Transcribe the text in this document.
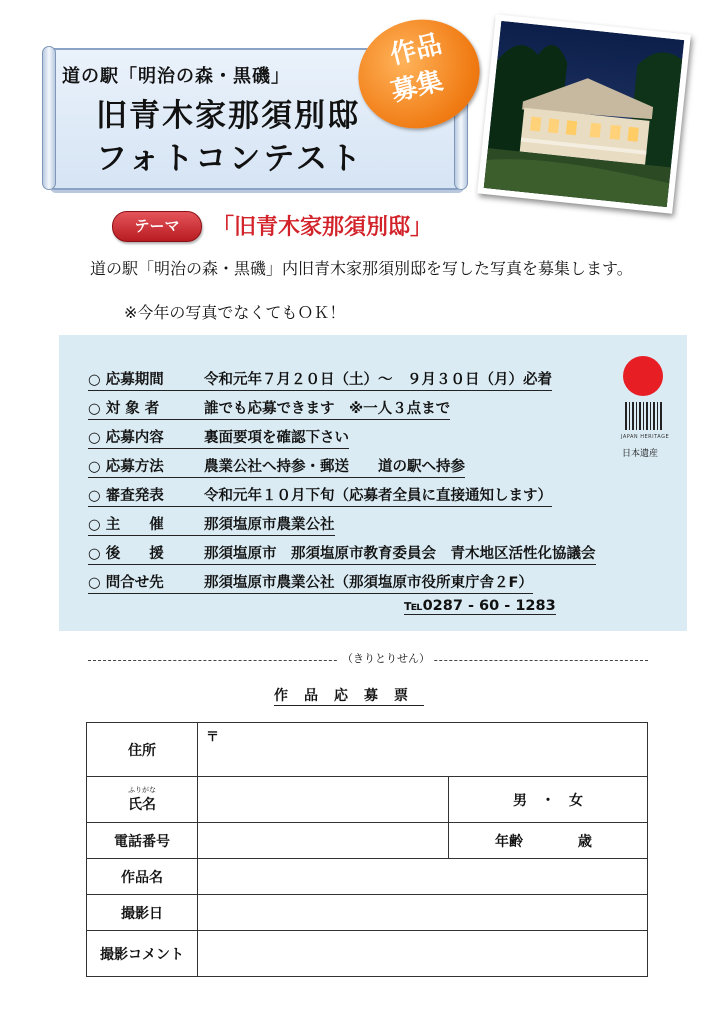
道の駅「明治の森・黒磯」
旧青木家那須別邸
フォトコンテスト
作品
募集
テーマ	「旧青木家那須別邸」
道の駅「明治の森・黒磯」内旧青木家那須別邸を写した写真を募集します。
※今年の写真でなくてもＯＫ！
○ 応募期間	令和元年７月２０日（土）～　９月３０日（月）必着
○ 対 象 者	誰でも応募できます　※一人３点まで
○ 応募内容	裏面要項を確認下さい
○ 応募方法	農業公社へ持参・郵送　　道の駅へ持参
○ 審査発表	令和元年１０月下旬（応募者全員に直接通知します）
○ 主　　催	那須塩原市農業公社
○ 後　　援	那須塩原市　那須塩原市教育委員会　青木地区活性化協議会
○ 問合せ先	那須塩原市農業公社（那須塩原市役所東庁舎２F）
℡0287 - 60 - 1283
JAPAN HERITAGE
日本遺産
（きりとりせん）
作品応募票
住所	〒	

ふりがな
氏名		男　・　女
電話番号		年齢 歳
作品名		
撮影日		
撮影コメント		
